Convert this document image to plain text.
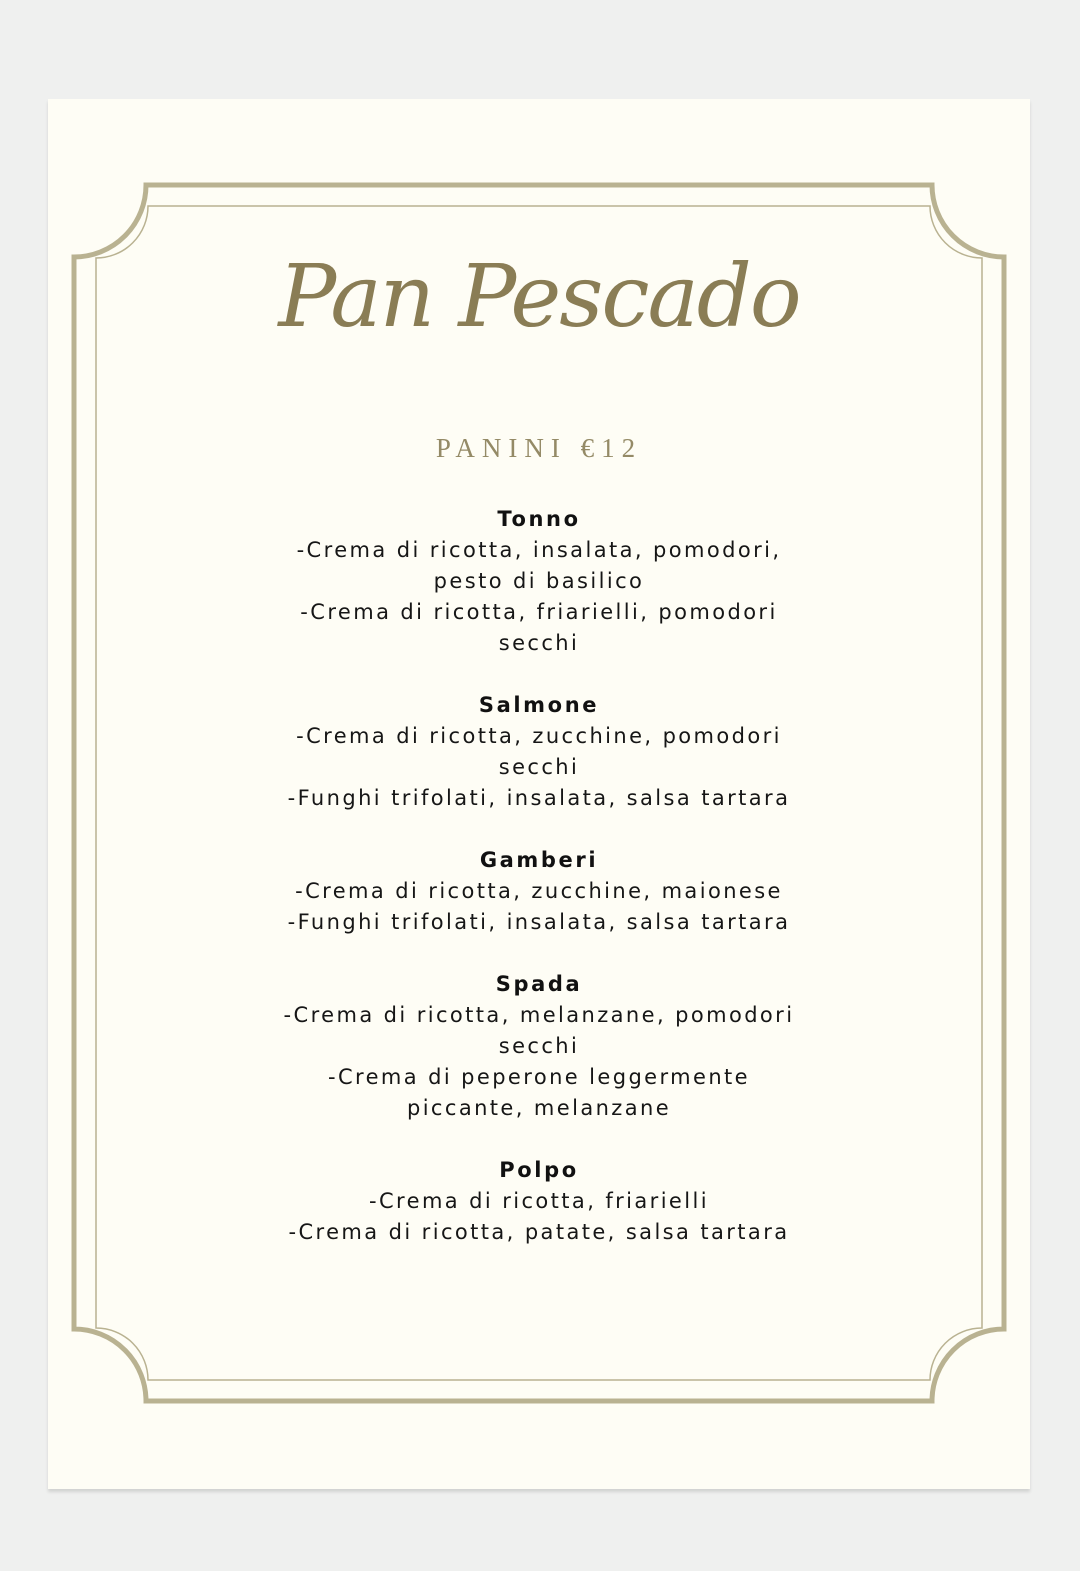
Pan Pescado
PANINI €12
Tonno
-Crema di ricotta, insalata, pomodori,
pesto di basilico
-Crema di ricotta, friarielli, pomodori
secchi
Salmone
-Crema di ricotta, zucchine, pomodori
secchi
-Funghi trifolati, insalata, salsa tartara
Gamberi
-Crema di ricotta, zucchine, maionese
-Funghi trifolati, insalata, salsa tartara
Spada
-Crema di ricotta, melanzane, pomodori
secchi
-Crema di peperone leggermente
piccante, melanzane
Polpo
-Crema di ricotta, friarielli
-Crema di ricotta, patate, salsa tartara
